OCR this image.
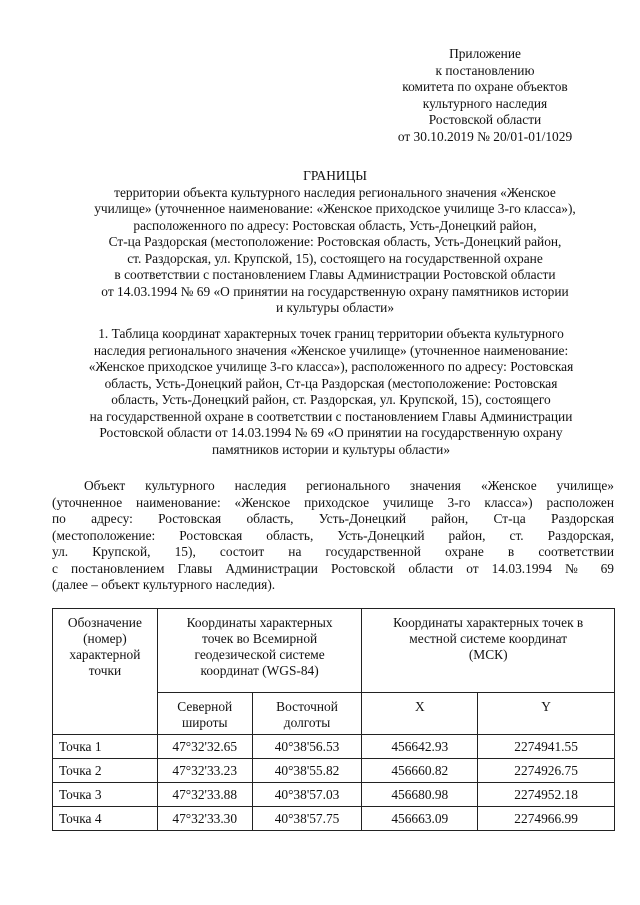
Приложение
к постановлению
комитета по охране объектов
культурного наследия
Ростовской области
от 30.10.2019 № 20/01-01/1029
ГРАНИЦЫ
территории объекта культурного наследия регионального значения «Женское
училище» (уточненное наименование: «Женское приходское училище 3-го класса»),
расположенного по адресу: Ростовская область, Усть-Донецкий район,
Ст-ца Раздорская (местоположение: Ростовская область, Усть-Донецкий район,
ст. Раздорская, ул. Крупской, 15), состоящего на государственной охране
в соответствии с постановлением Главы Администрации Ростовской области
от 14.03.1994 № 69 «О принятии на государственную охрану памятников истории
и культуры области»
1. Таблица координат характерных точек границ территории объекта культурного
наследия регионального значения «Женское училище» (уточненное наименование:
«Женское приходское училище 3-го класса»), расположенного по адресу: Ростовская
область, Усть-Донецкий район, Ст-ца Раздорская (местоположение: Ростовская
область, Усть-Донецкий район, ст. Раздорская, ул. Крупской, 15), состоящего
на государственной охране в соответствии с постановлением Главы Администрации
Ростовской области от 14.03.1994 № 69 «О принятии на государственную охрану
памятников истории и культуры области»
Объект культурного наследия регионального значения «Женское училище»
(уточненное наименование: «Женское приходское училище 3-го класса») расположен
по адресу: Ростовская область, Усть-Донецкий район, Ст-ца Раздорская
(местоположение: Ростовская область, Усть-Донецкий район, ст. Раздорская,
ул. Крупской, 15), состоит на государственной охране в соответствии
с постановлением Главы Администрации Ростовской области от 14.03.1994 № 69
(далее – объект культурного наследия).
Обозначение
(номер)
характерной
точки	Координаты характерных
точек во Всемирной
геодезической системе
координат (WGS-84)		Координаты характерных точек в
местной системе координат
(МСК)	

	Северной
широты	Восточной
долготы	X	Y
Точка 1	47°32'32.65	40°38'56.53	456642.93	2274941.55
Точка 2	47°32'33.23	40°38'55.82	456660.82	2274926.75
Точка 3	47°32'33.88	40°38'57.03	456680.98	2274952.18
Точка 4	47°32'33.30	40°38'57.75	456663.09	2274966.99
